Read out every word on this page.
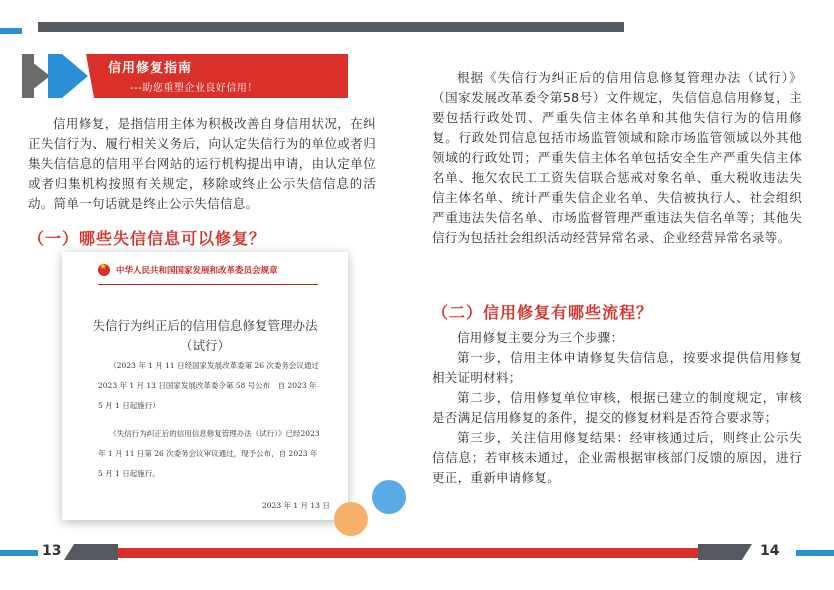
信用修复指南
---助您重塑企业良好信用！

信用修复，是指信用主体为积极改善自身信用状况，在纠正失信行为、履行相关义务后，向认定失信行为的单位或者归集失信信息的信用平台网站的运行机构提出申请，由认定单位或者归集机构按照有关规定，移除或终止公示失信信息的活动。简单一句话就是终止公示失信信息。

（一）哪些失信信息可以修复？
★
中华人民共和国国家发展和改革委员会规章
失信行为纠正后的信用信息修复管理办法
（试行）
（2023 年 1 月 11 日经国家发展改革委第 26 次委务会议通过 2023 年 1 月 13 日国家发展改革委令第 58 号公布　自 2023 年 5 月 1 日起施行）
《失信行为纠正后的信用信息修复管理办法（试行）》已经2023 年 1 月 11 日第 26 次委务会议审议通过，现予公布，自 2023 年 5 月 1 日起施行。
2023 年 1 月 13 日

根据《失信行为纠正后的信用信息修复管理办法（试行）》（国家发展改革委令第58号）文件规定，失信信息信用修复，主要包括行政处罚、严重失信主体名单和其他失信行为的信用修复。行政处罚信息包括市场监管领域和除市场监管领域以外其他领域的行政处罚；严重失信主体名单包括安全生产严重失信主体名单、拖欠农民工工资失信联合惩戒对象名单、重大税收违法失信主体名单、统计严重失信企业名单、失信被执行人、社会组织严重违法失信名单、市场监督管理严重违法失信名单等；其他失信行为包括社会组织活动经营异常名录、企业经营异常名录等。

（二）信用修复有哪些流程？

信用修复主要分为三个步骤：

第一步，信用主体申请修复失信信息，按要求提供信用修复相关证明材料；

第二步，信用修复单位审核，根据已建立的制度规定，审核是否满足信用修复的条件，提交的修复材料是否符合要求等；

第三步，关注信用修复结果：经审核通过后，则终止公示失信信息；若审核未通过，企业需根据审核部门反馈的原因，进行更正，重新申请修复。

13	14
